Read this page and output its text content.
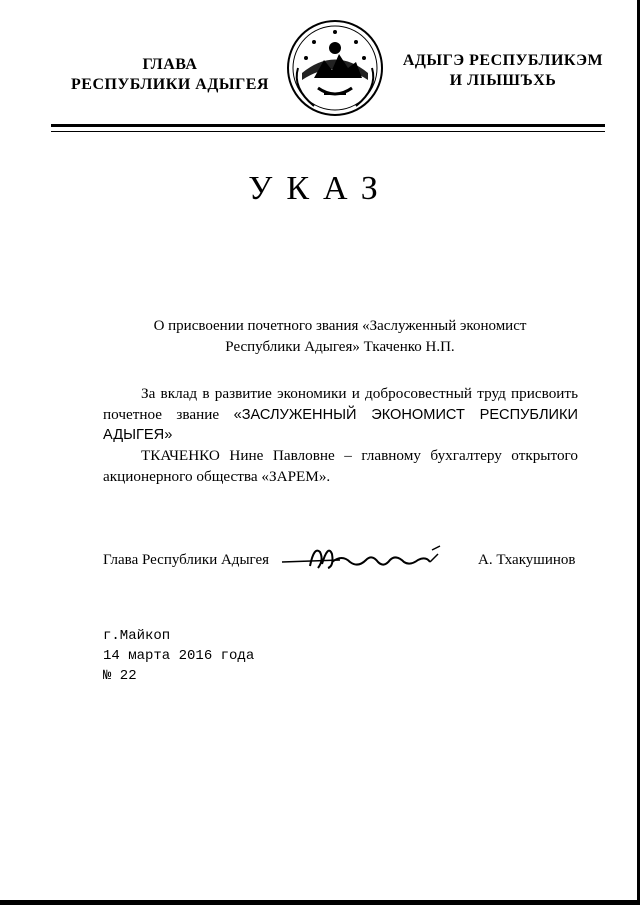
ГЛАВА
РЕСПУБЛИКИ АДЫГЕЯ
АДЫГЭ РЕСПУБЛИКЭМ
И ЛІЫШЪХЬ
УКАЗ
О присвоении почетного звания «Заслуженный экономист
Республики Адыгея» Ткаченко Н.П.
За вклад в развитие экономики и добросовестный труд присвоить почетное звание «ЗАСЛУЖЕННЫЙ ЭКОНОМИСТ РЕСПУБЛИКИ АДЫГЕЯ»
ТКАЧЕНКО Нине Павловне – главному бухгалтеру открытого акционерного общества «ЗАРЕМ».
Глава Республики Адыгея	А. Тхакушинов
г.Майкоп
14 марта 2016 года
№ 22
